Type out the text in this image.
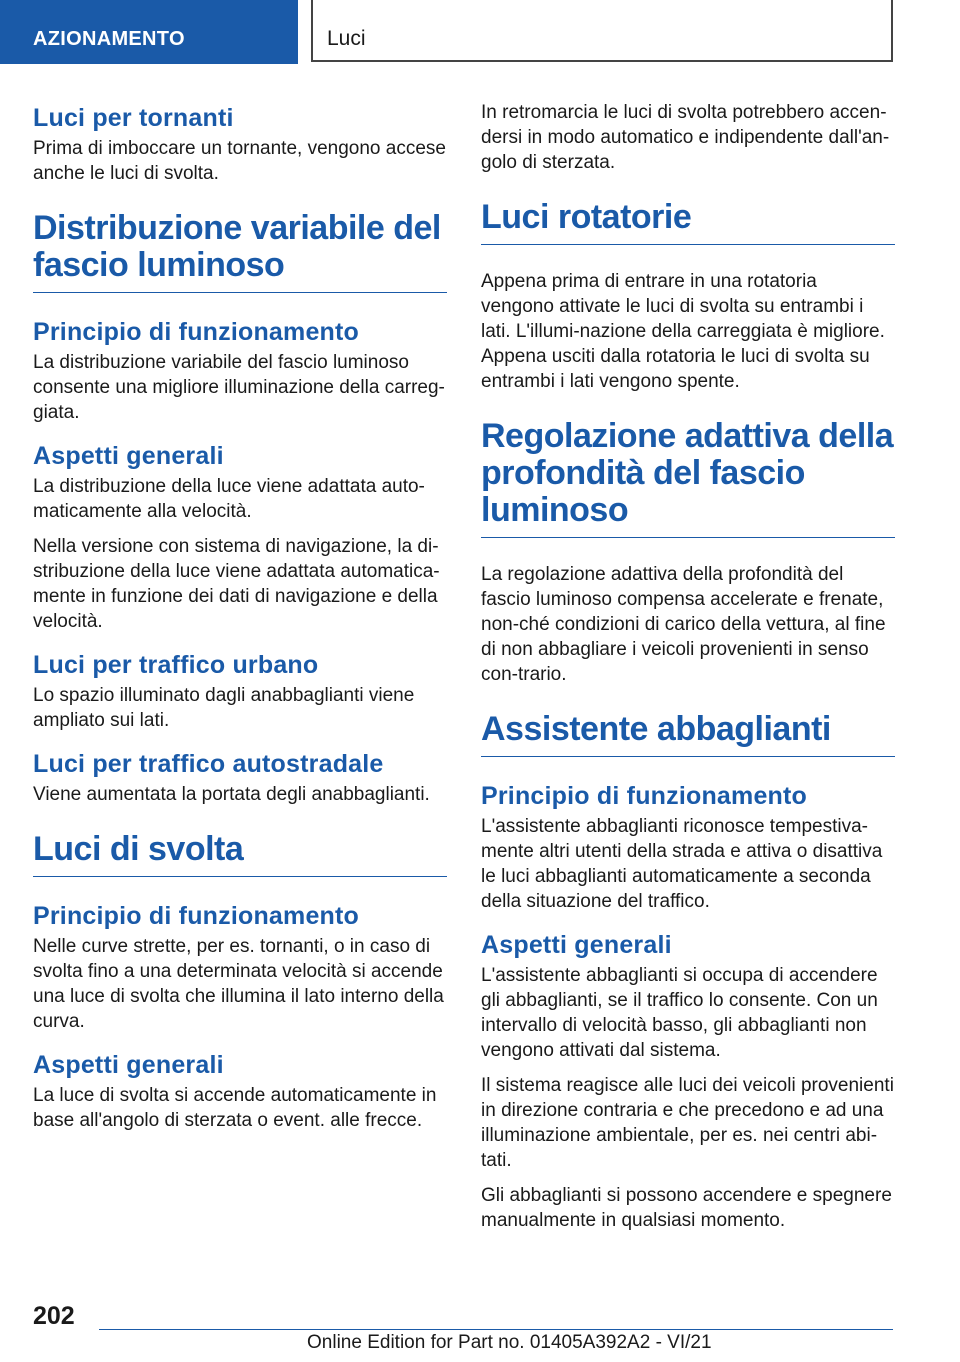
AZIONAMENTO	Luci
Luci per tornanti

Prima di imboccare un tornante, vengono accese anche le luci di svolta.

Distribuzione variabile del fascio luminoso
Principio di funzionamento

La distribuzione variabile del fascio luminoso consente una migliore illuminazione della carreg-giata.

Aspetti generali

La distribuzione della luce viene adattata auto-maticamente alla velocità.

Nella versione con sistema di navigazione, la di-stribuzione della luce viene adattata automatica-mente in funzione dei dati di navigazione e della velocità.

Luci per traffico urbano

Lo spazio illuminato dagli anabbaglianti viene ampliato sui lati.

Luci per traffico autostradale

Viene aumentata la portata degli anabbaglianti.

Luci di svolta
Principio di funzionamento

Nelle curve strette, per es. tornanti, o in caso di svolta fino a una determinata velocità si accende una luce di svolta che illumina il lato interno della curva.

Aspetti generali

La luce di svolta si accende automaticamente in base all'angolo di sterzata o event. alle frecce.

In retromarcia le luci di svolta potrebbero accen-dersi in modo automatico e indipendente dall'an-golo di sterzata.

Luci rotatorie

Appena prima di entrare in una rotatoria vengono attivate le luci di svolta su entrambi i lati. L'illumi-nazione della carreggiata è migliore. Appena usciti dalla rotatoria le luci di svolta su entrambi i lati vengono spente.

Regolazione adattiva della profondità del fascio luminoso

La regolazione adattiva della profondità del fascio luminoso compensa accelerate e frenate, non-ché condizioni di carico della vettura, al fine di non abbagliare i veicoli provenienti in senso con-trario.

Assistente abbaglianti
Principio di funzionamento

L'assistente abbaglianti riconosce tempestiva-mente altri utenti della strada e attiva o disattiva le luci abbaglianti automaticamente a seconda della situazione del traffico.

Aspetti generali

L'assistente abbaglianti si occupa di accendere gli abbaglianti, se il traffico lo consente. Con un intervallo di velocità basso, gli abbaglianti non vengono attivati dal sistema.

Il sistema reagisce alle luci dei veicoli provenienti in direzione contraria e che precedono e ad una illuminazione ambientale, per es. nei centri abi-tati.

Gli abbaglianti si possono accendere e spegnere manualmente in qualsiasi momento.

202
Online Edition for Part no. 01405A392A2 - VI/21
